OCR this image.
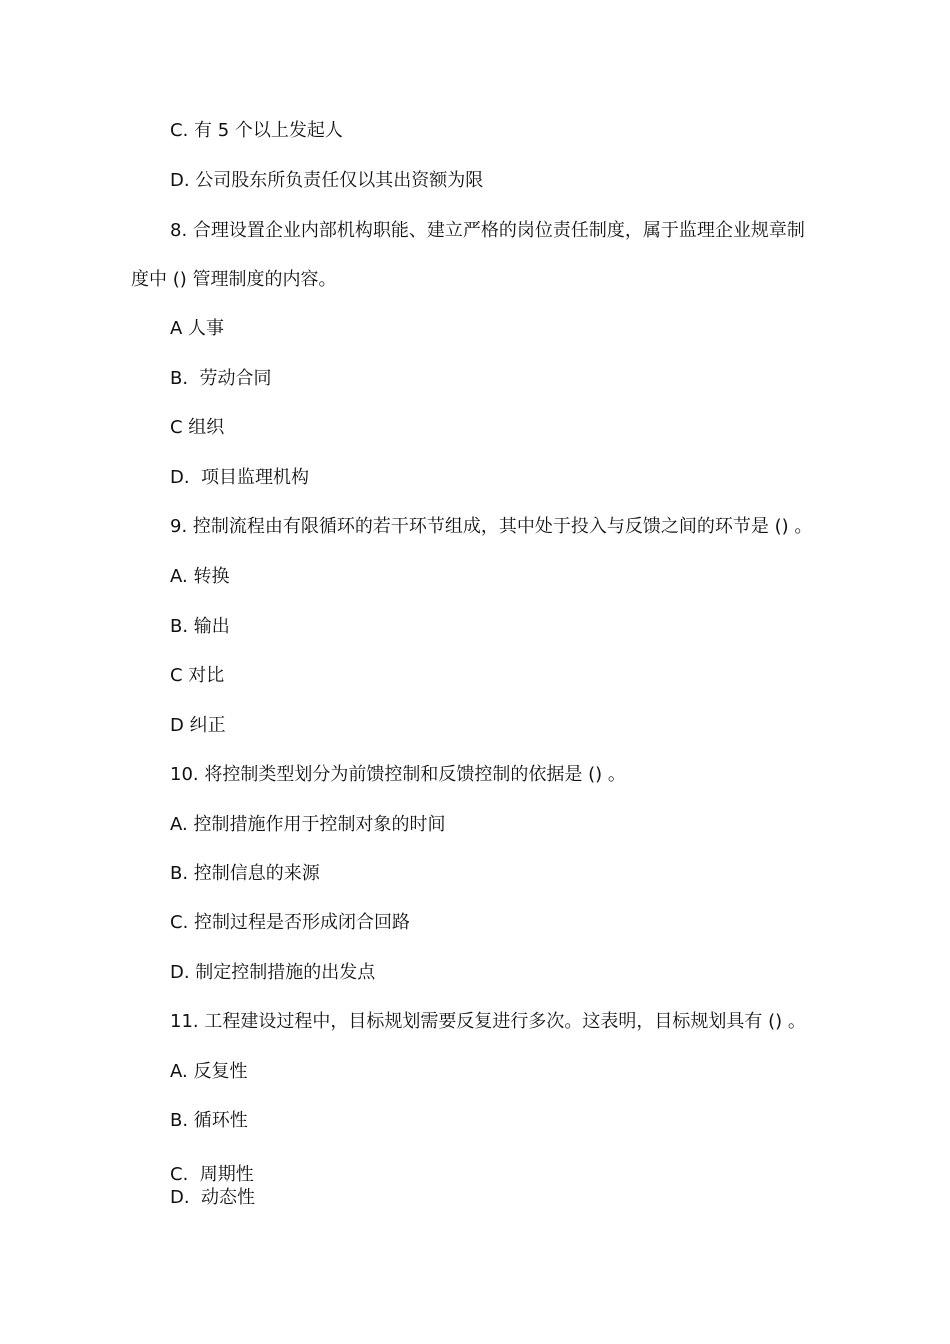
C. 有 5 个以上发起人
D. 公司股东所负责任仅以其出资额为限
8. 合理设置企业内部机构职能、建立严格的岗位责任制度，属于监理企业规章制
度中 () 管理制度的内容。
A 人事
B.  劳动合同
C 组织
D.  项目监理机构
9. 控制流程由有限循环的若干环节组成，其中处于投入与反馈之间的环节是 () 。
A. 转换
B. 输出
C 对比
D 纠正
10. 将控制类型划分为前馈控制和反馈控制的依据是 () 。
A. 控制措施作用于控制对象的时间
B. 控制信息的来源
C. 控制过程是否形成闭合回路
D. 制定控制措施的出发点
11. 工程建设过程中，目标规划需要反复进行多次。这表明，目标规划具有 () 。
A. 反复性
B. 循环性
C.  周期性
D.  动态性
